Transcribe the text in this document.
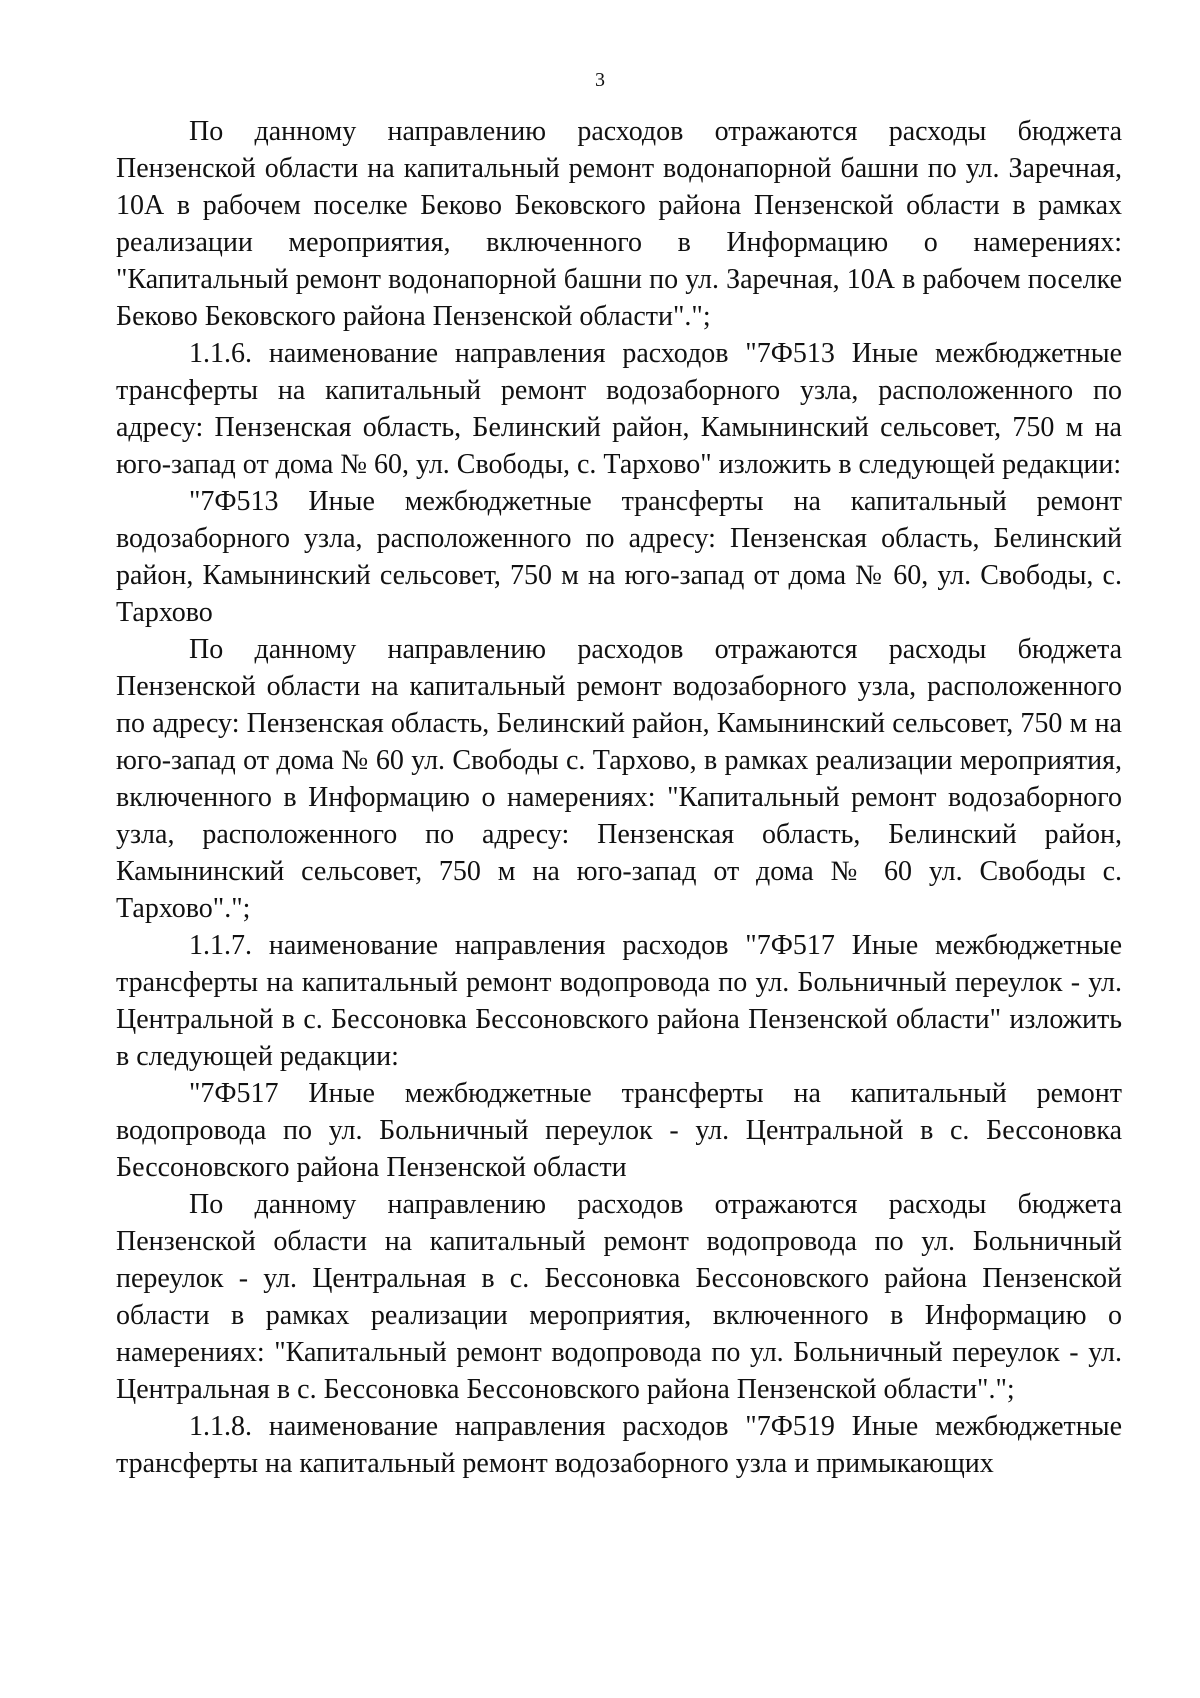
3

По данному направлению расходов отражаются расходы бюджета Пензенской области на капитальный ремонт водонапорной башни по ул. Заречная, 10А в рабочем поселке Беково Бековского района Пензенской области в рамках реализации мероприятия, включенного в Информацию о намерениях: "Капитальный ремонт водонапорной башни по ул. Заречная, 10А в рабочем поселке Беково Бековского района Пензенской области".";

1.1.6. наименование направления расходов "7Ф513 Иные межбюджетные трансферты на капитальный ремонт водозаборного узла, расположенного по адресу: Пензенская область, Белинский район, Камынинский сельсовет, 750 м на юго-запад от дома № 60, ул. Свободы, с. Тархово" изложить в следующей редакции:

"7Ф513 Иные межбюджетные трансферты на капитальный ремонт водозаборного узла, расположенного по адресу: Пензенская область, Белинский район, Камынинский сельсовет, 750 м на юго-запад от дома № 60, ул. Свободы, с. Тархово

По данному направлению расходов отражаются расходы бюджета Пензенской области на капитальный ремонт водозаборного узла, расположенного по адресу: Пензенская область, Белинский район, Камынинский сельсовет, 750 м на юго-запад от дома № 60 ул. Свободы с. Тархово, в рамках реализации мероприятия, включенного в Информацию о намерениях: "Капитальный ремонт водозаборного узла, расположенного по адресу: Пензенская область, Белинский район, Камынинский сельсовет, 750 м на юго-запад от дома № 60 ул. Свободы с. Тархово".";

1.1.7. наименование направления расходов "7Ф517 Иные межбюджетные трансферты на капитальный ремонт водопровода по ул. Больничный переулок - ул. Центральной в с. Бессоновка Бессоновского района Пензенской области" изложить в следующей редакции:

"7Ф517 Иные межбюджетные трансферты на капитальный ремонт водопровода по ул. Больничный переулок - ул. Центральной в с. Бессоновка Бессоновского района Пензенской области

По данному направлению расходов отражаются расходы бюджета Пензенской области на капитальный ремонт водопровода по ул. Больничный переулок - ул. Центральная в с. Бессоновка Бессоновского района Пензенской области в рамках реализации мероприятия, включенного в Информацию о намерениях: "Капитальный ремонт водопровода по ул. Больничный переулок - ул. Центральная в с. Бессоновка Бессоновского района Пензенской области".";

1.1.8. наименование направления расходов "7Ф519 Иные межбюджетные трансферты на капитальный ремонт водозаборного узла и примыкающих
